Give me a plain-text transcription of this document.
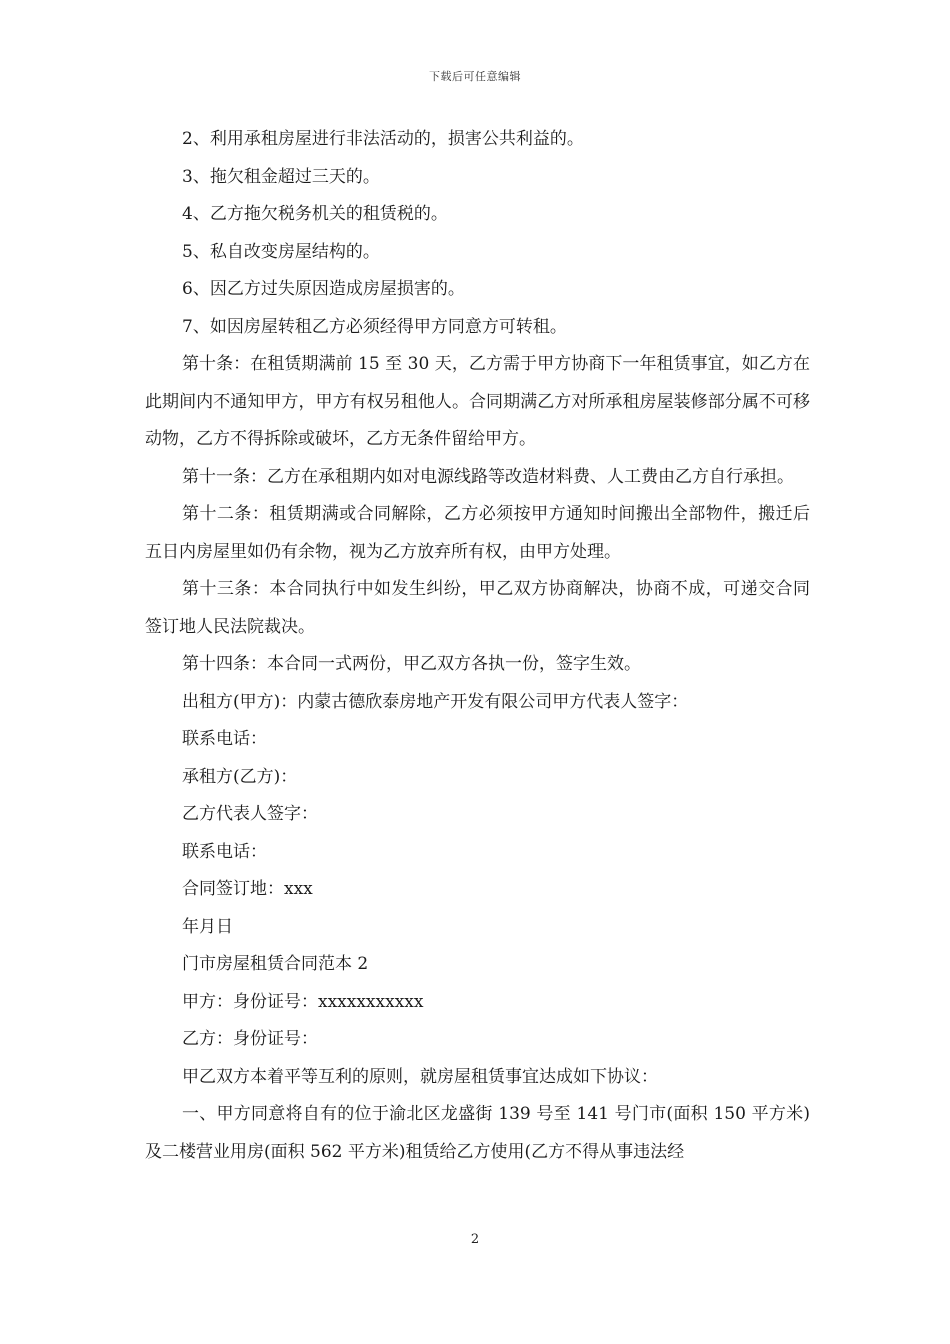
下载后可任意编辑

2、利用承租房屋进行非法活动的，损害公共利益的。

3、拖欠租金超过三天的。

4、乙方拖欠税务机关的租赁税的。

5、私自改变房屋结构的。

6、因乙方过失原因造成房屋损害的。

7、如因房屋转租乙方必须经得甲方同意方可转租。

第十条：在租赁期满前 15 至 30 天，乙方需于甲方协商下一年租赁事宜，如乙方在此期间内不通知甲方，甲方有权另租他人。合同期满乙方对所承租房屋装修部分属不可移动物，乙方不得拆除或破坏，乙方无条件留给甲方。

第十一条：乙方在承租期内如对电源线路等改造材料费、人工费由乙方自行承担。

第十二条：租赁期满或合同解除，乙方必须按甲方通知时间搬出全部物件，搬迁后五日内房屋里如仍有余物，视为乙方放弃所有权，由甲方处理。

第十三条：本合同执行中如发生纠纷，甲乙双方协商解决，协商不成，可递交合同签订地人民法院裁决。

第十四条：本合同一式两份，甲乙双方各执一份，签字生效。

出租方(甲方)：内蒙古德欣泰房地产开发有限公司甲方代表人签字：

联系电话：

承租方(乙方)：

乙方代表人签字：

联系电话：

合同签订地：xxx

年月日

门市房屋租赁合同范本 2

甲方：身份证号：xxxxxxxxxxx

乙方：身份证号：

甲乙双方本着平等互利的原则，就房屋租赁事宜达成如下协议：

一、甲方同意将自有的位于渝北区龙盛街 139 号至 141 号门市(面积 150 平方米)及二楼营业用房(面积 562 平方米)租赁给乙方使用(乙方不得从事违法经

2
